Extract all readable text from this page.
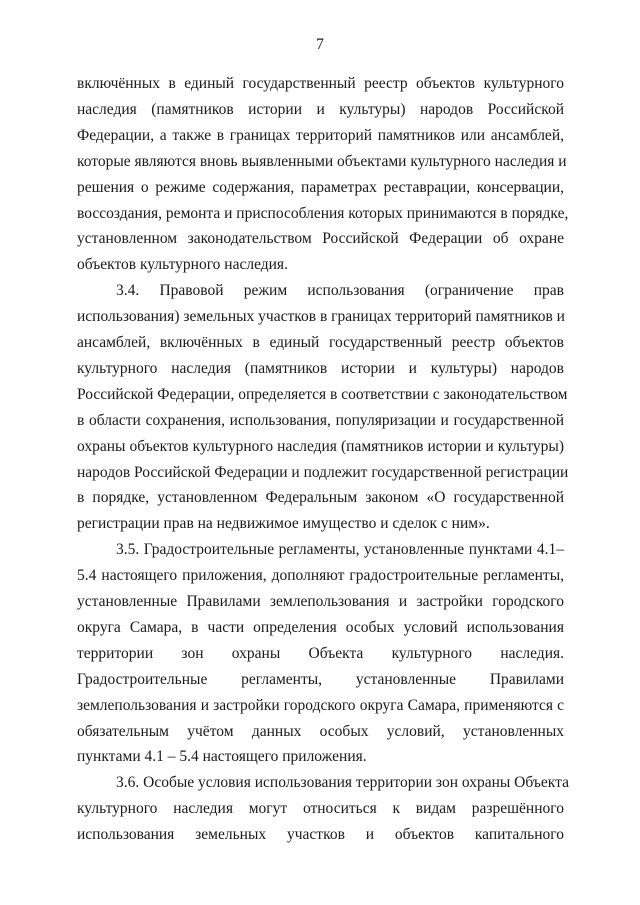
7
включённых в единый государственный реестр объектов культурного
наследия (памятников истории и культуры) народов Российской
Федерации, а также в границах территорий памятников или ансамблей,
которые являются вновь выявленными объектами культурного наследия и
решения о режиме содержания, параметрах реставрации, консервации,
воссоздания, ремонта и приспособления которых принимаются в порядке,
установленном законодательством Российской Федерации об охране
объектов культурного наследия.
3.4. Правовой режим использования (ограничение прав
использования) земельных участков в границах территорий памятников и
ансамблей, включённых в единый государственный реестр объектов
культурного наследия (памятников истории и культуры) народов
Российской Федерации, определяется в соответствии с законодательством
в области сохранения, использования, популяризации и государственной
охраны объектов культурного наследия (памятников истории и культуры)
народов Российской Федерации и подлежит государственной регистрации
в порядке, установленном Федеральным законом «О государственной
регистрации прав на недвижимое имущество и сделок с ним».
3.5. Градостроительные регламенты, установленные пунктами 4.1–
5.4 настоящего приложения, дополняют градостроительные регламенты,
установленные Правилами землепользования и застройки городского
округа Самара, в части определения особых условий использования
территории зон охраны Объекта культурного наследия.
Градостроительные регламенты, установленные Правилами
землепользования и застройки городского округа Самара, применяются с
обязательным учётом данных особых условий, установленных
пунктами 4.1 – 5.4 настоящего приложения.
3.6. Особые условия использования территории зон охраны Объекта
культурного наследия могут относиться к видам разрешённого
использования земельных участков и объектов капитального
